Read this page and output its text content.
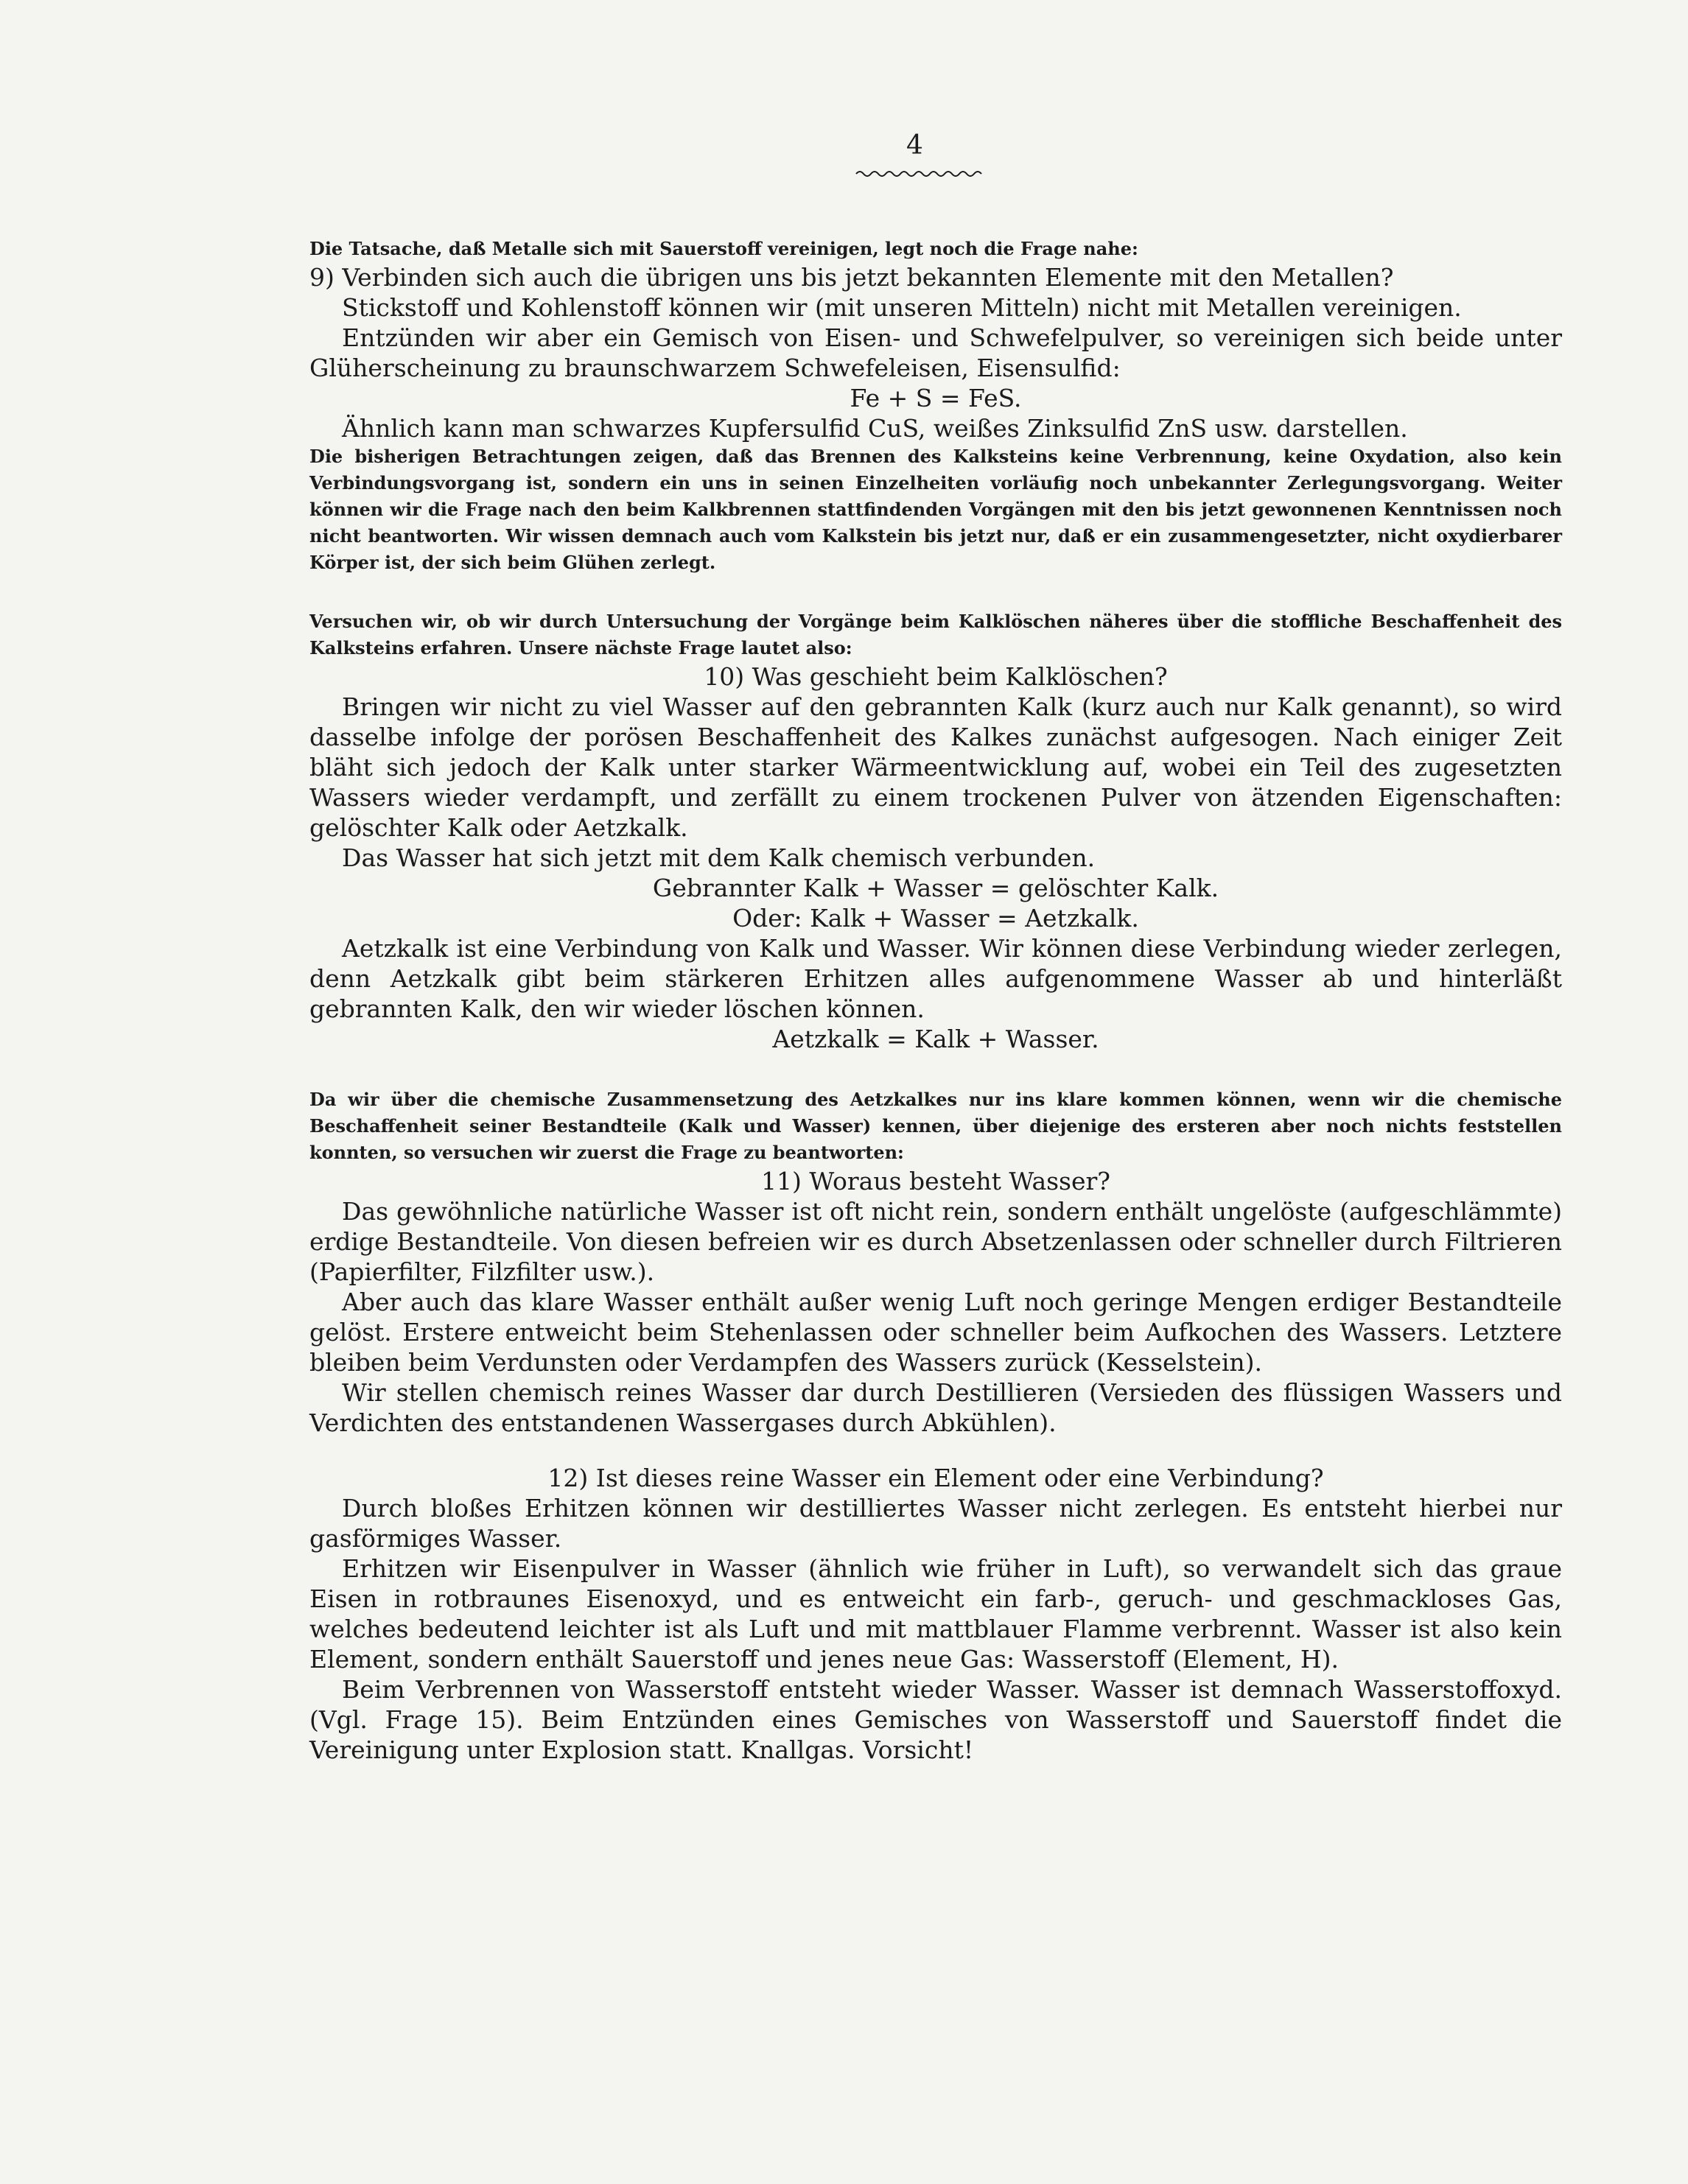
4

Die Tatsache, daß Metalle sich mit Sauerstoff vereinigen, legt noch die Frage nahe:

9) Verbinden sich auch die übrigen uns bis jetzt bekannten Elemente mit den Metallen?

Stickstoff und Kohlenstoff können wir (mit unseren Mitteln) nicht mit Metallen vereinigen.

Entzünden wir aber ein Gemisch von Eisen- und Schwefelpulver, so vereinigen sich beide unter Glüherscheinung zu braunschwarzem Schwefeleisen, Eisensulfid:

Fe + S = FeS.

Ähnlich kann man schwarzes Kupfersulfid CuS, weißes Zinksulfid ZnS usw. darstellen.

Die bisherigen Betrachtungen zeigen, daß das Brennen des Kalksteins keine Verbrennung, keine Oxydation, also kein Verbindungsvorgang ist, sondern ein uns in seinen Einzelheiten vorläufig noch unbekannter Zerlegungsvorgang. Weiter können wir die Frage nach den beim Kalkbrennen stattfindenden Vorgängen mit den bis jetzt gewonnenen Kenntnissen noch nicht beantworten. Wir wissen demnach auch vom Kalkstein bis jetzt nur, daß er ein zusammengesetzter, nicht oxydierbarer Körper ist, der sich beim Glühen zerlegt.

Versuchen wir, ob wir durch Untersuchung der Vorgänge beim Kalklöschen näheres über die stoffliche Beschaffenheit des Kalksteins erfahren. Unsere nächste Frage lautet also:

10) Was geschieht beim Kalklöschen?

Bringen wir nicht zu viel Wasser auf den gebrannten Kalk (kurz auch nur Kalk genannt), so wird dasselbe infolge der porösen Beschaffenheit des Kalkes zunächst aufgesogen. Nach einiger Zeit bläht sich jedoch der Kalk unter starker Wärmeentwicklung auf, wobei ein Teil des zugesetzten Wassers wieder verdampft, und zerfällt zu einem trockenen Pulver von ätzenden Eigenschaften: gelöschter Kalk oder Aetzkalk.

Das Wasser hat sich jetzt mit dem Kalk chemisch verbunden.

Gebrannter Kalk + Wasser = gelöschter Kalk.

Oder: Kalk + Wasser = Aetzkalk.

Aetzkalk ist eine Verbindung von Kalk und Wasser. Wir können diese Verbindung wieder zerlegen, denn Aetzkalk gibt beim stärkeren Erhitzen alles aufgenommene Wasser ab und hinterläßt gebrannten Kalk, den wir wieder löschen können.

Aetzkalk = Kalk + Wasser.

Da wir über die chemische Zusammensetzung des Aetzkalkes nur ins klare kommen können, wenn wir die chemische Beschaffenheit seiner Bestandteile (Kalk und Wasser) kennen, über diejenige des ersteren aber noch nichts feststellen konnten, so versuchen wir zuerst die Frage zu beantworten:

11) Woraus besteht Wasser?

Das gewöhnliche natürliche Wasser ist oft nicht rein, sondern enthält ungelöste (aufgeschlämmte) erdige Bestandteile. Von diesen befreien wir es durch Absetzenlassen oder schneller durch Filtrieren (Papierfilter, Filzfilter usw.).

Aber auch das klare Wasser enthält außer wenig Luft noch geringe Mengen erdiger Bestandteile gelöst. Erstere entweicht beim Stehenlassen oder schneller beim Aufkochen des Wassers. Letztere bleiben beim Verdunsten oder Verdampfen des Wassers zurück (Kesselstein).

Wir stellen chemisch reines Wasser dar durch Destillieren (Versieden des flüssigen Wassers und Verdichten des entstandenen Wassergases durch Abkühlen).

12) Ist dieses reine Wasser ein Element oder eine Verbindung?

Durch bloßes Erhitzen können wir destilliertes Wasser nicht zerlegen. Es entsteht hierbei nur gasförmiges Wasser.

Erhitzen wir Eisenpulver in Wasser (ähnlich wie früher in Luft), so verwandelt sich das graue Eisen in rotbraunes Eisenoxyd, und es entweicht ein farb-, geruch- und geschmackloses Gas, welches bedeutend leichter ist als Luft und mit mattblauer Flamme verbrennt. Wasser ist also kein Element, sondern enthält Sauerstoff und jenes neue Gas: Wasserstoff (Element, H).

Beim Verbrennen von Wasserstoff entsteht wieder Wasser. Wasser ist demnach Wasserstoffoxyd. (Vgl. Frage 15). Beim Entzünden eines Gemisches von Wasserstoff und Sauerstoff findet die Vereinigung unter Explosion statt. Knallgas. Vorsicht!
